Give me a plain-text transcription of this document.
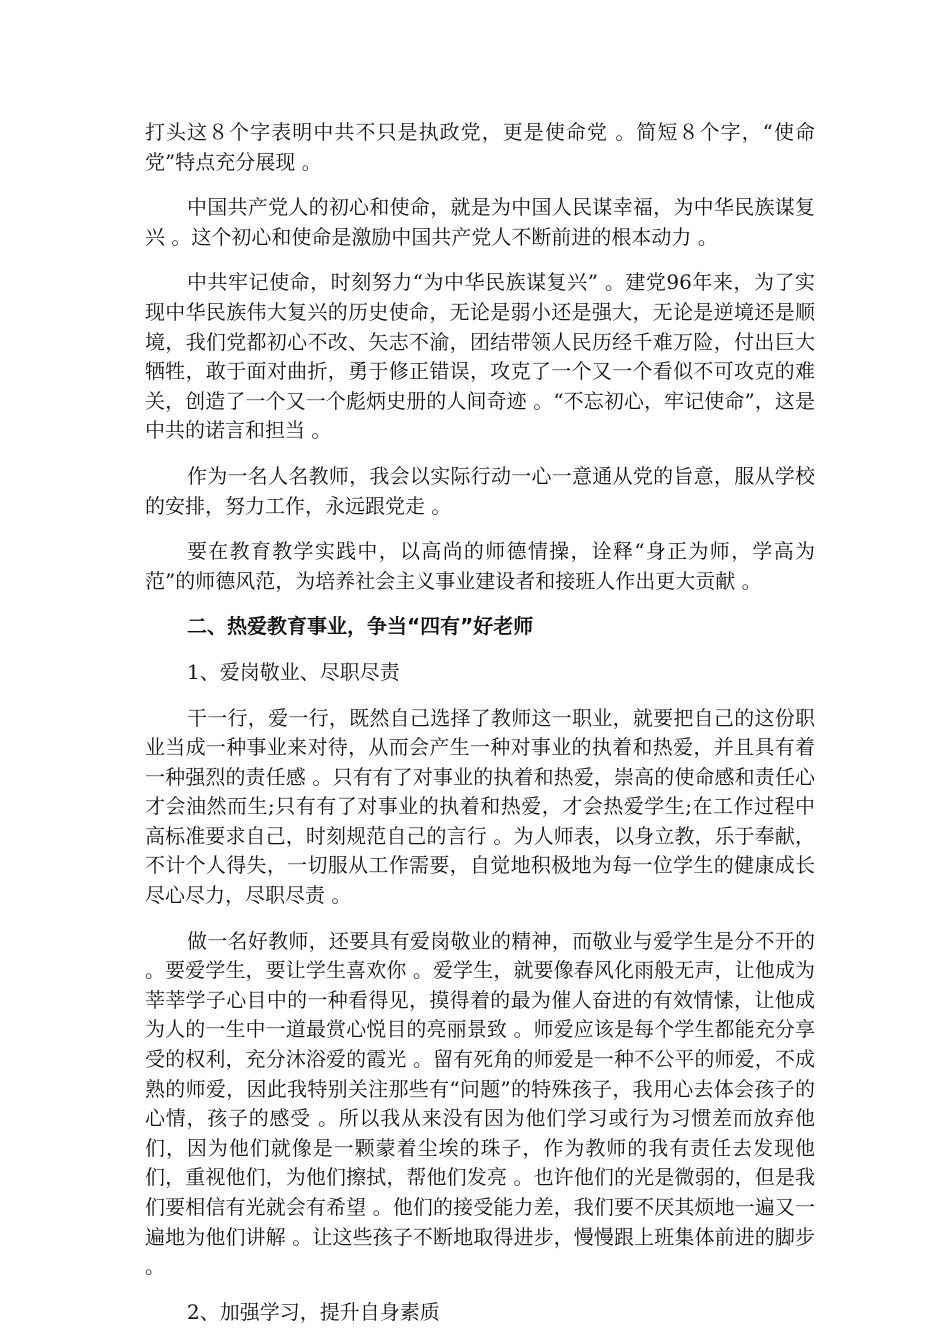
打头这８个字表明中共不只是执政党，更是使命党 。简短８个字，“使命党”特点充分展现 。

中国共产党人的初心和使命，就是为中国人民谋幸福，为中华民族谋复兴 。这个初心和使命是激励中国共产党人不断前进的根本动力 。

中共牢记使命，时刻努力“为中华民族谋复兴” 。建党96年来，为了实现中华民族伟大复兴的历史使命，无论是弱小还是强大，无论是逆境还是顺境，我们党都初心不改、矢志不渝，团结带领人民历经千难万险，付出巨大牺牲，敢于面对曲折，勇于修正错误，攻克了一个又一个看似不可攻克的难关，创造了一个又一个彪炳史册的人间奇迹 。“不忘初心，牢记使命”，这是中共的诺言和担当 。

作为一名人名教师，我会以实际行动一心一意通从党的旨意，服从学校的安排，努力工作，永远跟党走 。

要在教育教学实践中，以高尚的师德情操，诠释“身正为师，学高为范”的师德风范，为培养社会主义事业建设者和接班人作出更大贡献 。

二、热爱教育事业，争当“四有”好老师

1、爱岗敬业、尽职尽责

干一行，爱一行，既然自己选择了教师这一职业，就要把自己的这份职业当成一种事业来对待，从而会产生一种对事业的执着和热爱，并且具有着一种强烈的责任感 。只有有了对事业的执着和热爱，崇高的使命感和责任心才会油然而生;只有有了对事业的执着和热爱，才会热爱学生;在工作过程中高标准要求自己，时刻规范自己的言行 。为人师表，以身立教，乐于奉献，不计个人得失，一切服从工作需要，自觉地积极地为每一位学生的健康成长尽心尽力，尽职尽责 。

做一名好教师，还要具有爱岗敬业的精神，而敬业与爱学生是分不开的 。要爱学生，要让学生喜欢你 。爱学生，就要像春风化雨般无声，让他成为莘莘学子心目中的一种看得见，摸得着的最为催人奋进的有效情愫，让他成为人的一生中一道最赏心悦目的亮丽景致 。师爱应该是每个学生都能充分享受的权利，充分沐浴爱的霞光 。留有死角的师爱是一种不公平的师爱，不成熟的师爱，因此我特别关注那些有“问题”的特殊孩子，我用心去体会孩子的心情，孩子的感受 。所以我从来没有因为他们学习或行为习惯差而放弃他们，因为他们就像是一颗蒙着尘埃的珠子，作为教师的我有责任去发现他们，重视他们，为他们擦拭，帮他们发亮 。也许他们的光是微弱的，但是我们要相信有光就会有希望 。他们的接受能力差，我们要不厌其烦地一遍又一遍地为他们讲解 。让这些孩子不断地取得进步，慢慢跟上班集体前进的脚步 。

2、加强学习，提升自身素质
